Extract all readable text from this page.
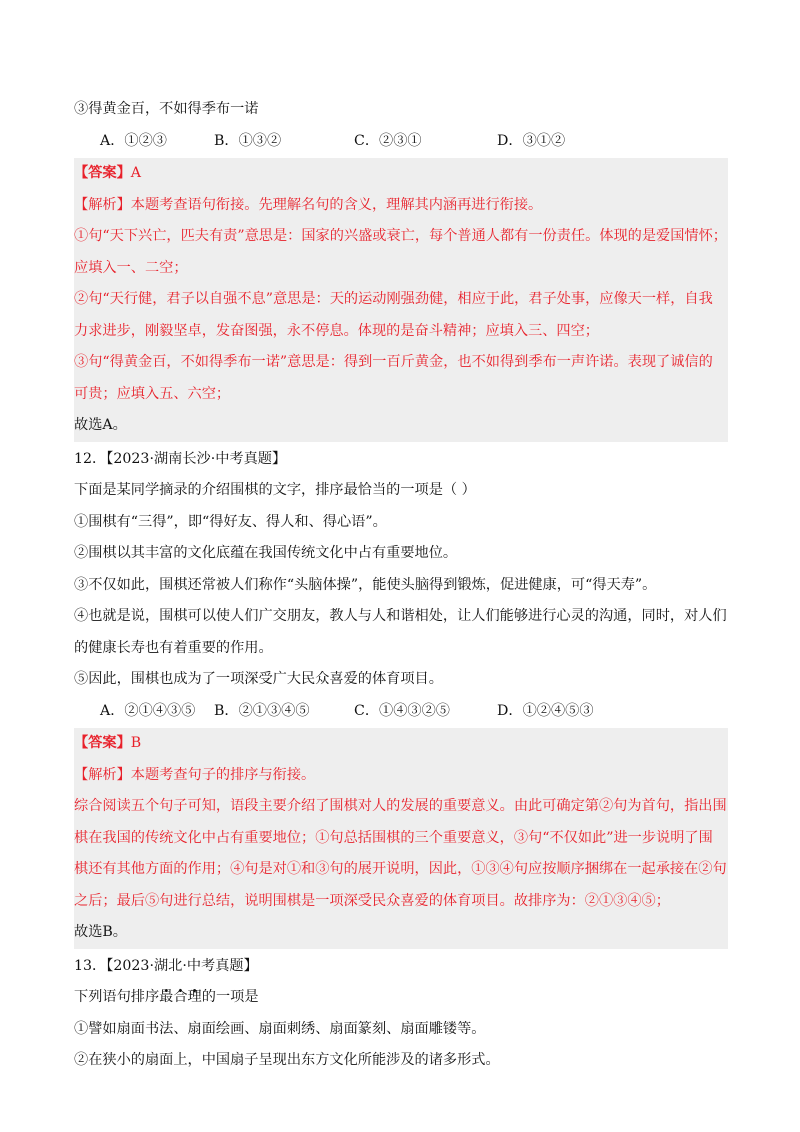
③得黄金百，不如得季布一诺
A．①②③	B．①③②	C．②③①	D．③①②
【答案】A
【解析】本题考查语句衔接。先理解名句的含义，理解其内涵再进行衔接。
①句“天下兴亡，匹夫有责”意思是：国家的兴盛或衰亡，每个普通人都有一份责任。体现的是爱国情怀；
应填入一、二空；
②句“天行健，君子以自强不息”意思是：天的运动刚强劲健，相应于此，君子处事，应像天一样，自我
力求进步，刚毅坚卓，发奋图强，永不停息。体现的是奋斗精神；应填入三、四空；
③句“得黄金百，不如得季布一诺”意思是：得到一百斤黄金，也不如得到季布一声许诺。表现了诚信的
可贵；应填入五、六空；
故选A。
12．【2023·湖南长沙·中考真题】
下面是某同学摘录的介绍围棋的文字，排序最恰当的一项是（ ）
①围棋有“三得”，即“得好友、得人和、得心语”。
②围棋以其丰富的文化底蕴在我国传统文化中占有重要地位。
③不仅如此，围棋还常被人们称作“头脑体操”，能使头脑得到锻炼，促进健康，可“得天寿”。
④也就是说，围棋可以使人们广交朋友，教人与人和谐相处，让人们能够进行心灵的沟通，同时，对人们
的健康长寿也有着重要的作用。
⑤因此，围棋也成为了一项深受广大民众喜爱的体育项目。
A．②①④③⑤ B．②①③④⑤	C．①④③②⑤	D．①②④⑤③
【答案】B
【解析】本题考查句子的排序与衔接。
综合阅读五个句子可知，语段主要介绍了围棋对人的发展的重要意义。由此可确定第②句为首句，指出围
棋在我国的传统文化中占有重要地位；①句总括围棋的三个重要意义，③句“不仅如此”进一步说明了围
棋还有其他方面的作用；④句是对①和③句的展开说明，因此，①③④句应按顺序捆绑在一起承接在②句
之后；最后⑤句进行总结，说明围棋是一项深受民众喜爱的体育项目。故排序为：②①③④⑤；
故选B。
13．【2023·湖北·中考真题】
下列语句排序最合理的一项是
①譬如扇面书法、扇面绘画、扇面刺绣、扇面篆刻、扇面雕镂等。
②在狭小的扇面上，中国扇子呈现出东方文化所能涉及的诸多形式。
